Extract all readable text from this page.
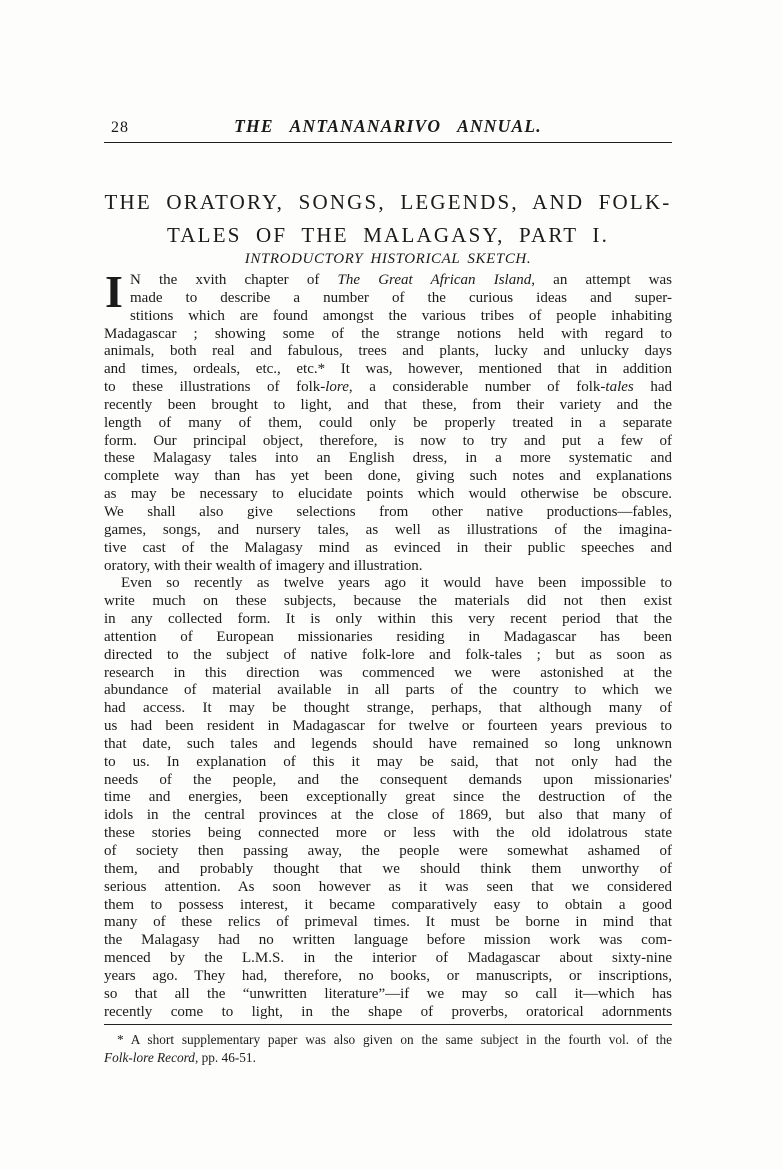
28	THE ANTANANARIVO ANNUAL.
THE ORATORY, SONGS, LEGENDS, AND FOLK-
TALES OF THE MALAGASY, PART I.
INTRODUCTORY HISTORICAL SKETCH.
I N the xvith chapter of The Great African Island, an attempt was
made to describe a number of the curious ideas and super-
stitions which are found amongst the various tribes of people inhabiting
Madagascar ; showing some of the strange notions held with regard to
animals, both real and fabulous, trees and plants, lucky and unlucky days
and times, ordeals, etc., etc.* It was, however, mentioned that in addition
to these illustrations of folk-lore, a considerable number of folk-tales had
recently been brought to light, and that these, from their variety and the
length of many of them, could only be properly treated in a separate
form. Our principal object, therefore, is now to try and put a few of
these Malagasy tales into an English dress, in a more systematic and
complete way than has yet been done, giving such notes and explanations
as may be necessary to elucidate points which would otherwise be obscure.
We shall also give selections from other native productions—fables,
games, songs, and nursery tales, as well as illustrations of the imagina-
tive cast of the Malagasy mind as evinced in their public speeches and
oratory, with their wealth of imagery and illustration.
Even so recently as twelve years ago it would have been impossible to
write much on these subjects, because the materials did not then exist
in any collected form. It is only within this very recent period that the
attention of European missionaries residing in Madagascar has been
directed to the subject of native folk-lore and folk-tales ; but as soon as
research in this direction was commenced we were astonished at the
abundance of material available in all parts of the country to which we
had access. It may be thought strange, perhaps, that although many of
us had been resident in Madagascar for twelve or fourteen years previous to
that date, such tales and legends should have remained so long unknown
to us. In explanation of this it may be said, that not only had the
needs of the people, and the consequent demands upon missionaries'
time and energies, been exceptionally great since the destruction of the
idols in the central provinces at the close of 1869, but also that many of
these stories being connected more or less with the old idolatrous state
of society then passing away, the people were somewhat ashamed of
them, and probably thought that we should think them unworthy of
serious attention. As soon however as it was seen that we considered
them to possess interest, it became comparatively easy to obtain a good
many of these relics of primeval times. It must be borne in mind that
the Malagasy had no written language before mission work was com-
menced by the L.M.S. in the interior of Madagascar about sixty-nine
years ago. They had, therefore, no books, or manuscripts, or inscriptions,
so that all the “unwritten literature”—if we may so call it—which has
recently come to light, in the shape of proverbs, oratorical adornments
* A short supplementary paper was also given on the same subject in the fourth vol. of the
Folk-lore Record, pp. 46-51.
